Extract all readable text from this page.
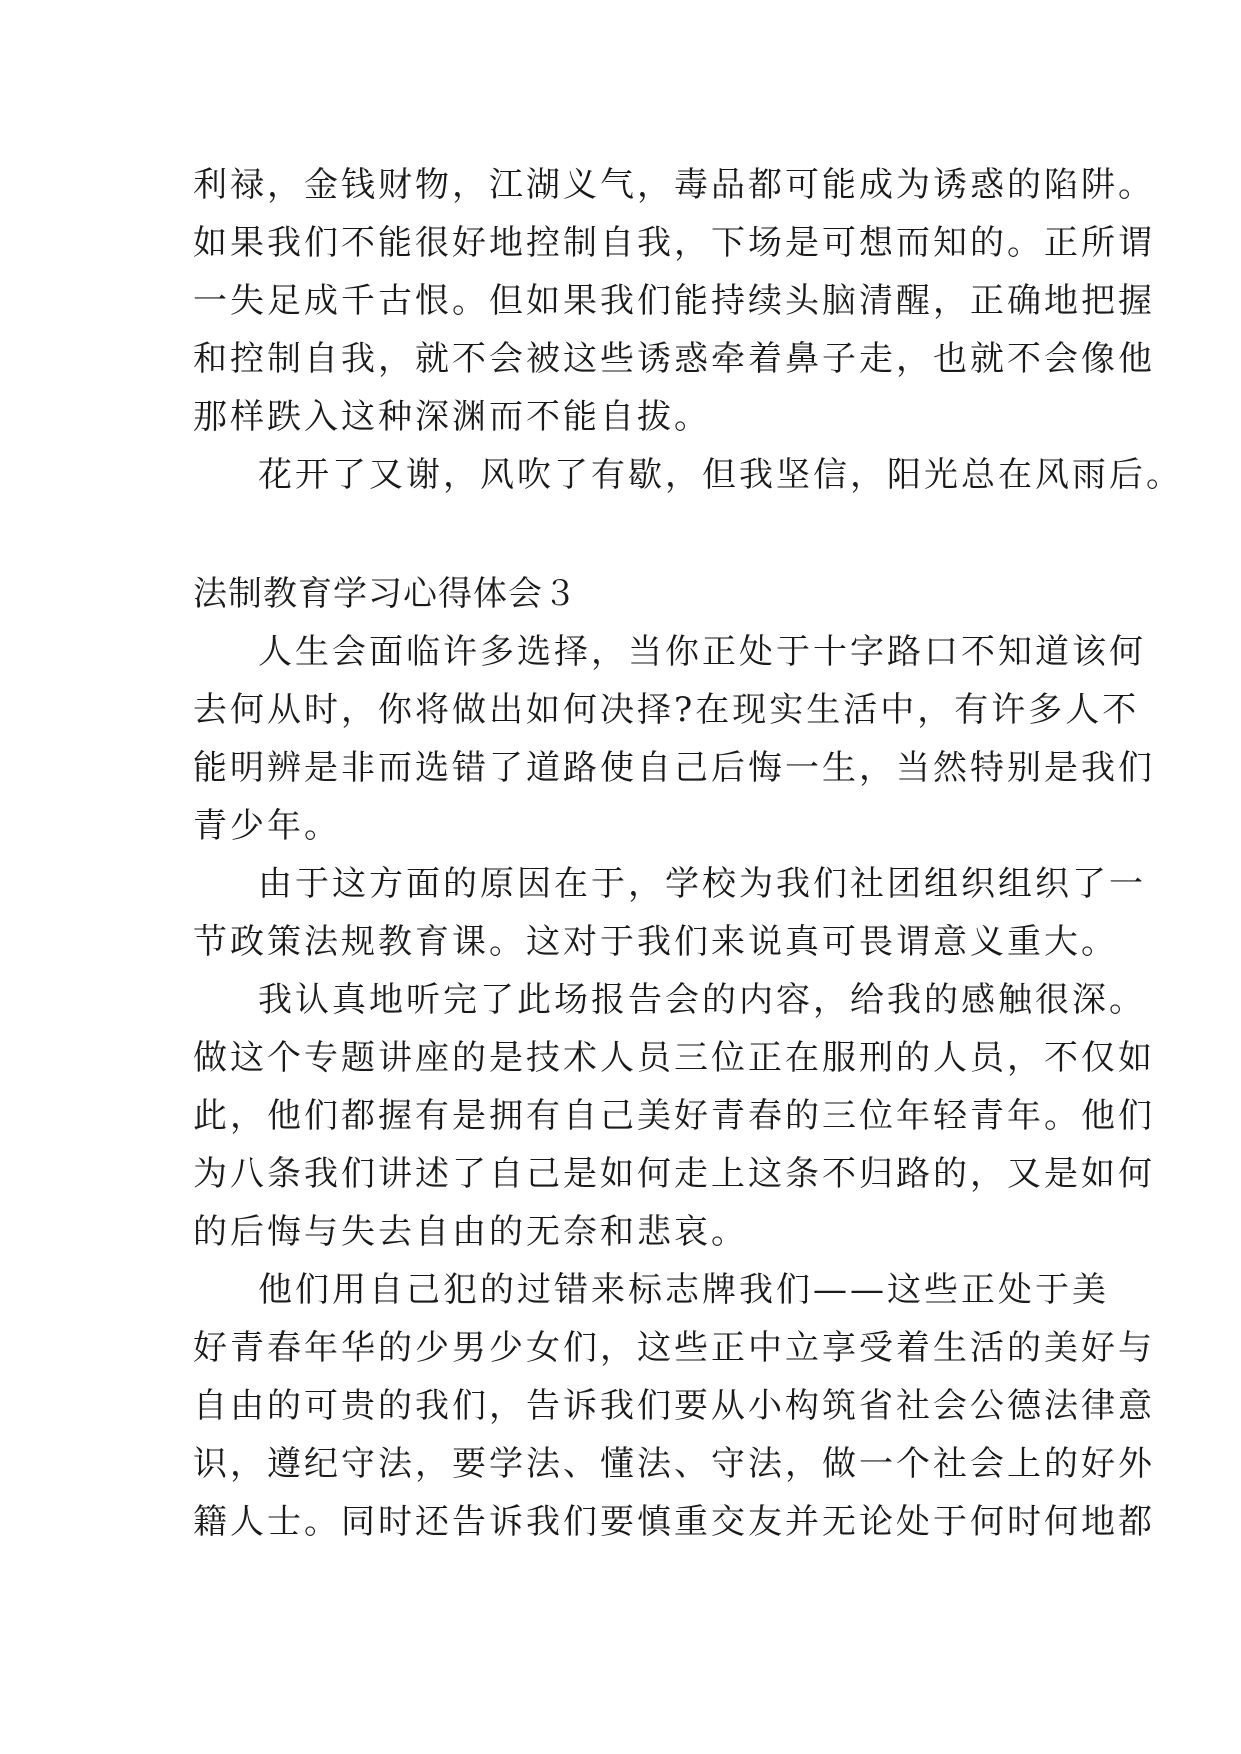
利禄，金钱财物，江湖义气，毒品都可能成为诱惑的陷阱。
如果我们不能很好地控制自我，下场是可想而知的。正所谓
一失足成千古恨。但如果我们能持续头脑清醒，正确地把握
和控制自我，就不会被这些诱惑牵着鼻子走，也就不会像他
那样跌入这种深渊而不能自拔。
花开了又谢，风吹了有歇，但我坚信，阳光总在风雨后。
法制教育学习心得体会３
人生会面临许多选择，当你正处于十字路口不知道该何
去何从时，你将做出如何决择?在现实生活中，有许多人不
能明辨是非而选错了道路使自己后悔一生，当然特别是我们
青少年。
由于这方面的原因在于，学校为我们社团组织组织了一
节政策法规教育课。这对于我们来说真可畏谓意义重大。
我认真地听完了此场报告会的内容，给我的感触很深。
做这个专题讲座的是技术人员三位正在服刑的人员，不仅如
此，他们都握有是拥有自己美好青春的三位年轻青年。他们
为八条我们讲述了自己是如何走上这条不归路的，又是如何
的后悔与失去自由的无奈和悲哀。
他们用自己犯的过错来标志牌我们——这些正处于美
好青春年华的少男少女们，这些正中立享受着生活的美好与
自由的可贵的我们，告诉我们要从小构筑省社会公德法律意
识，遵纪守法，要学法、懂法、守法，做一个社会上的好外
籍人士。同时还告诉我们要慎重交友并无论处于何时何地都
